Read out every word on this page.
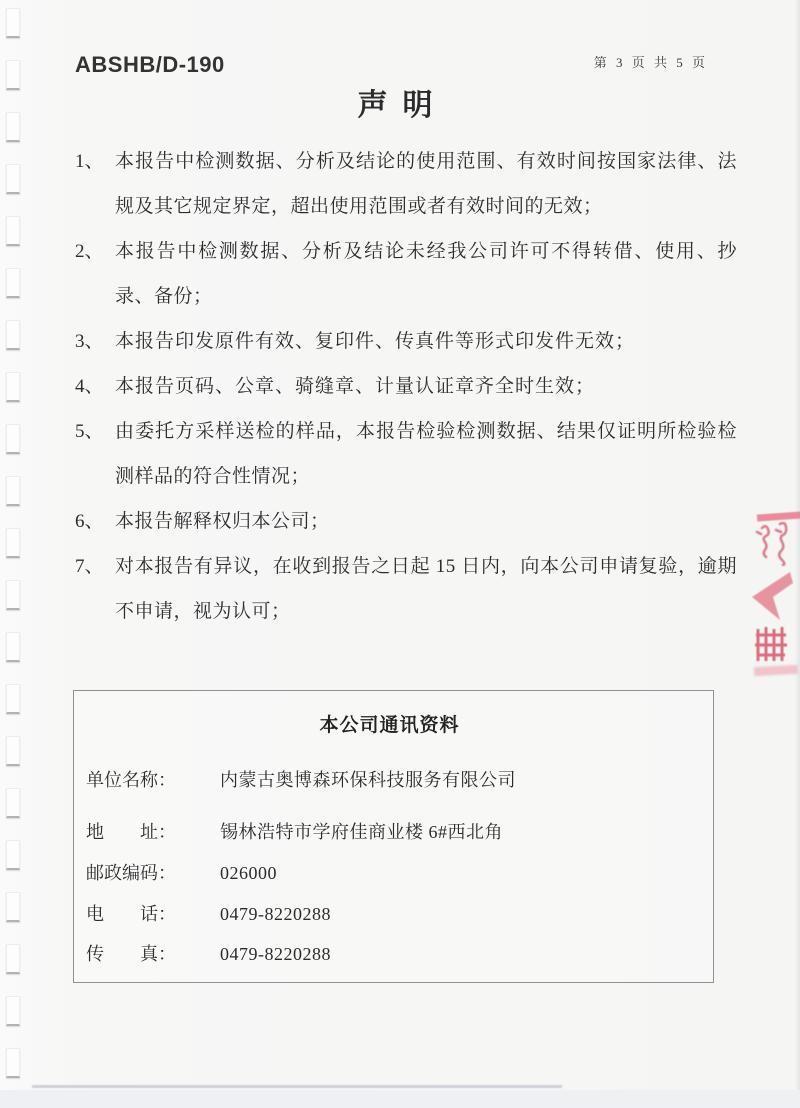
ABSHB/D-190	第 3 页 共 5 页
声  明
1、 本报告中检测数据、分析及结论的使用范围、有效时间按国家法律、法规及其它规定界定，超出使用范围或者有效时间的无效；
2、 本报告中检测数据、分析及结论未经我公司许可不得转借、使用、抄录、备份；
3、 本报告印发原件有效、复印件、传真件等形式印发件无效；
4、 本报告页码、公章、骑缝章、计量认证章齐全时生效；
5、 由委托方采样送检的样品，本报告检验检测数据、结果仅证明所检验检测样品的符合性情况；
6、 本报告解释权归本公司；
7、 对本报告有异议，在收到报告之日起 15 日内，向本公司申请复验，逾期不申请，视为认可；
本公司通讯资料
单位名称：	内蒙古奥博森环保科技服务有限公司
地　　址：	锡林浩特市学府佳商业楼 6#西北角
邮政编码：	026000
电　　话：	0479-8220288
传　　真：	0479-8220288
